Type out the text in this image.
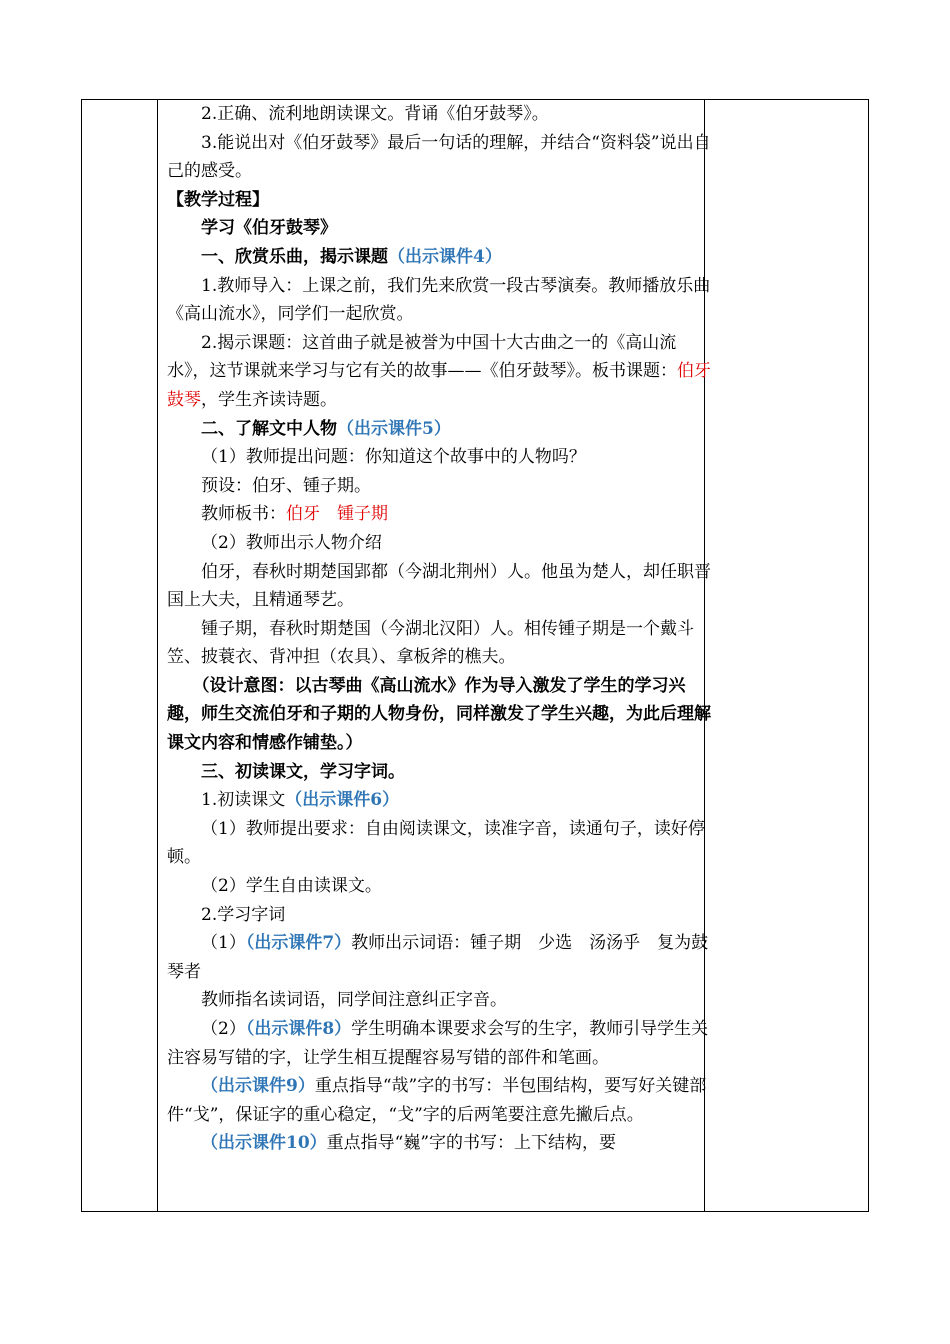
2.正确、流利地朗读课文。背诵《伯牙鼓琴》。

3.能说出对《伯牙鼓琴》最后一句话的理解，并结合“资料袋”说出自己的感受。

【教学过程】

学习《伯牙鼓琴》

一、欣赏乐曲，揭示课题（出示课件4）

1.教师导入：上课之前，我们先来欣赏一段古琴演奏。教师播放乐曲《高山流水》，同学们一起欣赏。

2.揭示课题：这首曲子就是被誉为中国十大古曲之一的《高山流水》，这节课就来学习与它有关的故事——《伯牙鼓琴》。板书课题：伯牙鼓琴，学生齐读诗题。

二、了解文中人物（出示课件5）

（1）教师提出问题：你知道这个故事中的人物吗？

预设：伯牙、锺子期。

教师板书：伯牙 锺子期

（2）教师出示人物介绍

伯牙，春秋时期楚国郢都（今湖北荆州）人。他虽为楚人，却任职晋国上大夫，且精通琴艺。

锺子期，春秋时期楚国（今湖北汉阳）人。相传锺子期是一个戴斗笠、披蓑衣、背冲担（农具）、拿板斧的樵夫。

（设计意图：以古琴曲《高山流水》作为导入激发了学生的学习兴趣，师生交流伯牙和子期的人物身份，同样激发了学生兴趣，为此后理解课文内容和情感作铺垫。）

三、初读课文，学习字词。

1.初读课文（出示课件6）

（1）教师提出要求：自由阅读课文，读准字音，读通句子，读好停顿。

（2）学生自由读课文。

2.学习字词

（1）（出示课件7）教师出示词语：锺子期　少选　汤汤乎　复为鼓琴者

教师指名读词语，同学间注意纠正字音。

（2）（出示课件8）学生明确本课要求会写的生字，教师引导学生关注容易写错的字，让学生相互提醒容易写错的部件和笔画。

（出示课件9）重点指导“哉”字的书写：半包围结构，要写好关键部件“戈”，保证字的重心稳定，“戈”字的后两笔要注意先撇后点。

（出示课件10）重点指导“巍”字的书写：上下结构，要
